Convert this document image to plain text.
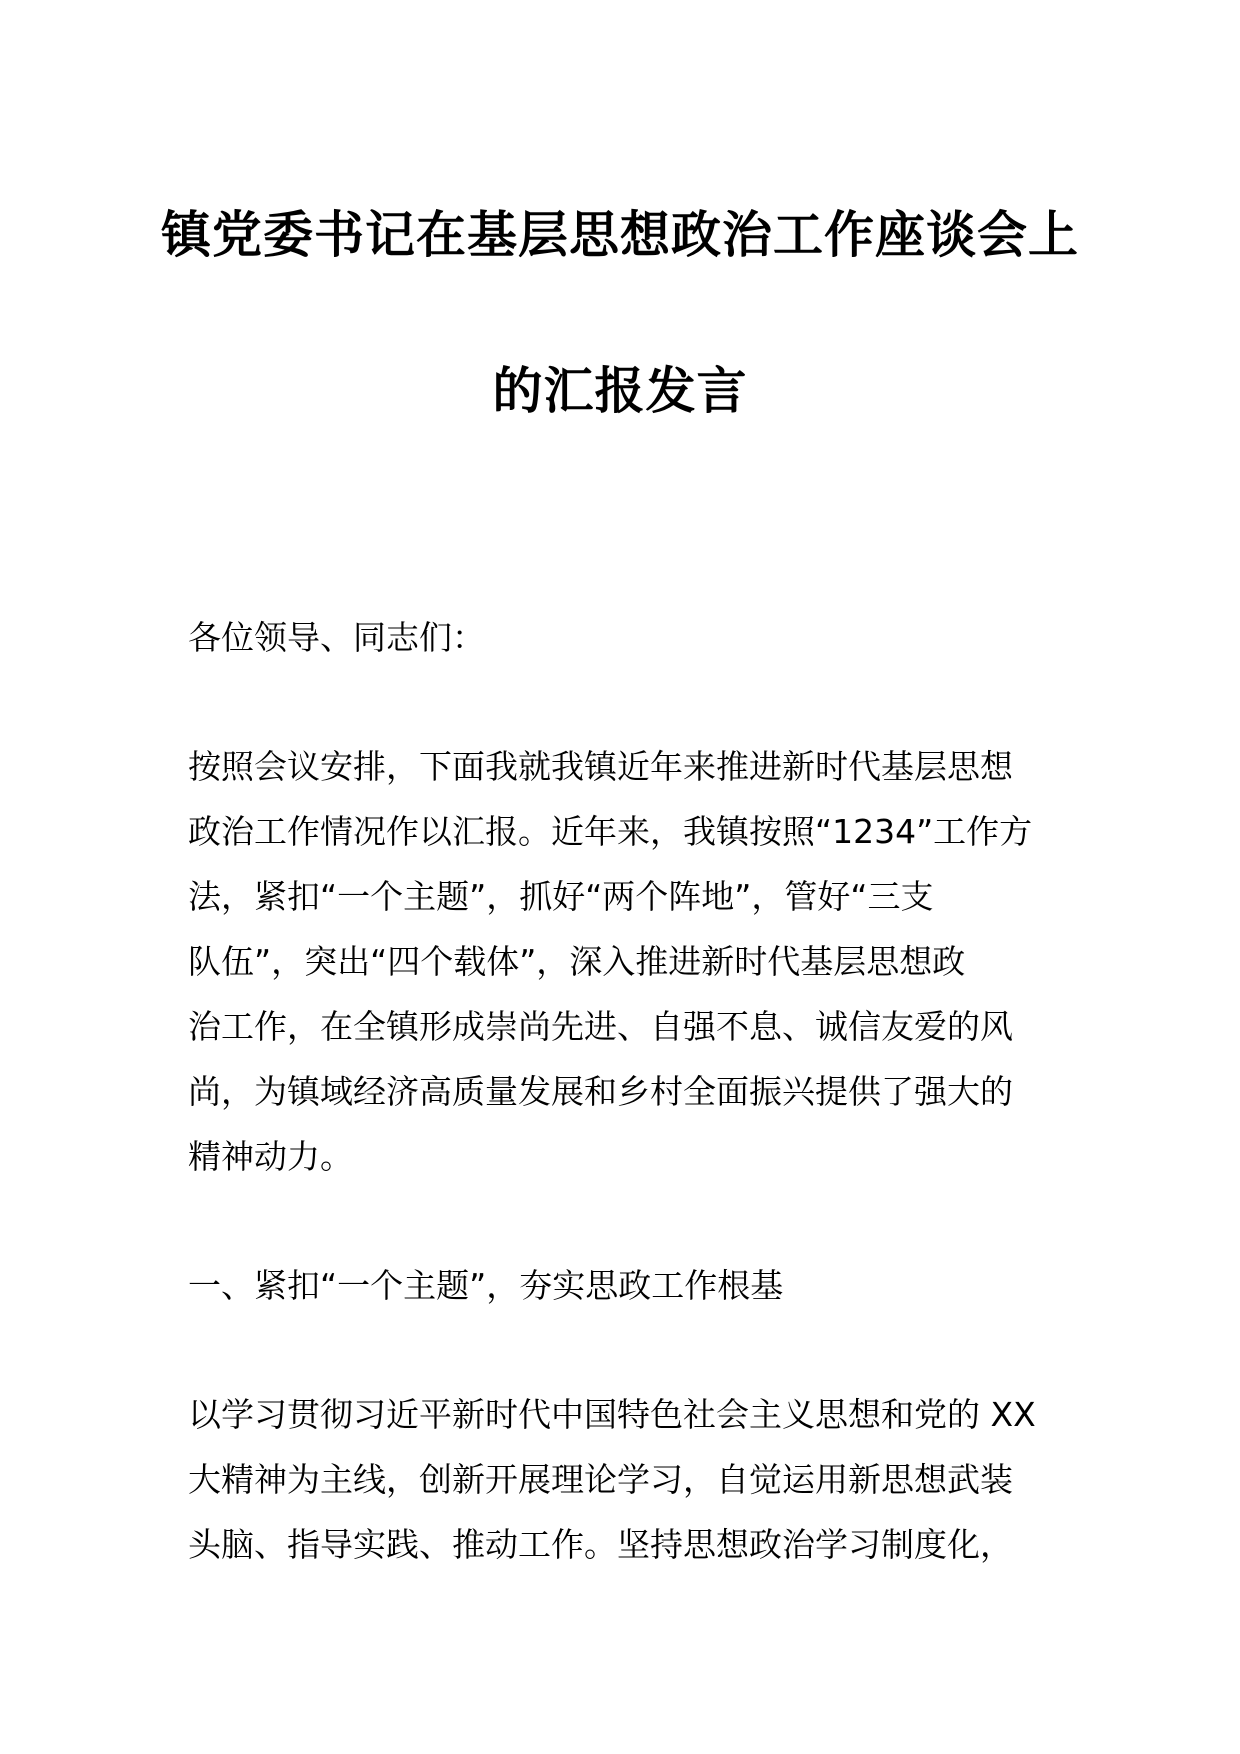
镇党委书记在基层思想政治工作座谈会上
的汇报发言
各位领导、同志们：
按照会议安排，下面我就我镇近年来推进新时代基层思想
政治工作情况作以汇报。近年来，我镇按照“1234”工作方
法，紧扣“一个主题”，抓好“两个阵地”，管好“三支
队伍”，突出“四个载体”，深入推进新时代基层思想政
治工作，在全镇形成崇尚先进、自强不息、诚信友爱的风
尚，为镇域经济高质量发展和乡村全面振兴提供了强大的
精神动力。
一、紧扣“一个主题”，夯实思政工作根基
以学习贯彻习近平新时代中国特色社会主义思想和党的 XX
大精神为主线，创新开展理论学习，自觉运用新思想武装
头脑、指导实践、推动工作。坚持思想政治学习制度化，
